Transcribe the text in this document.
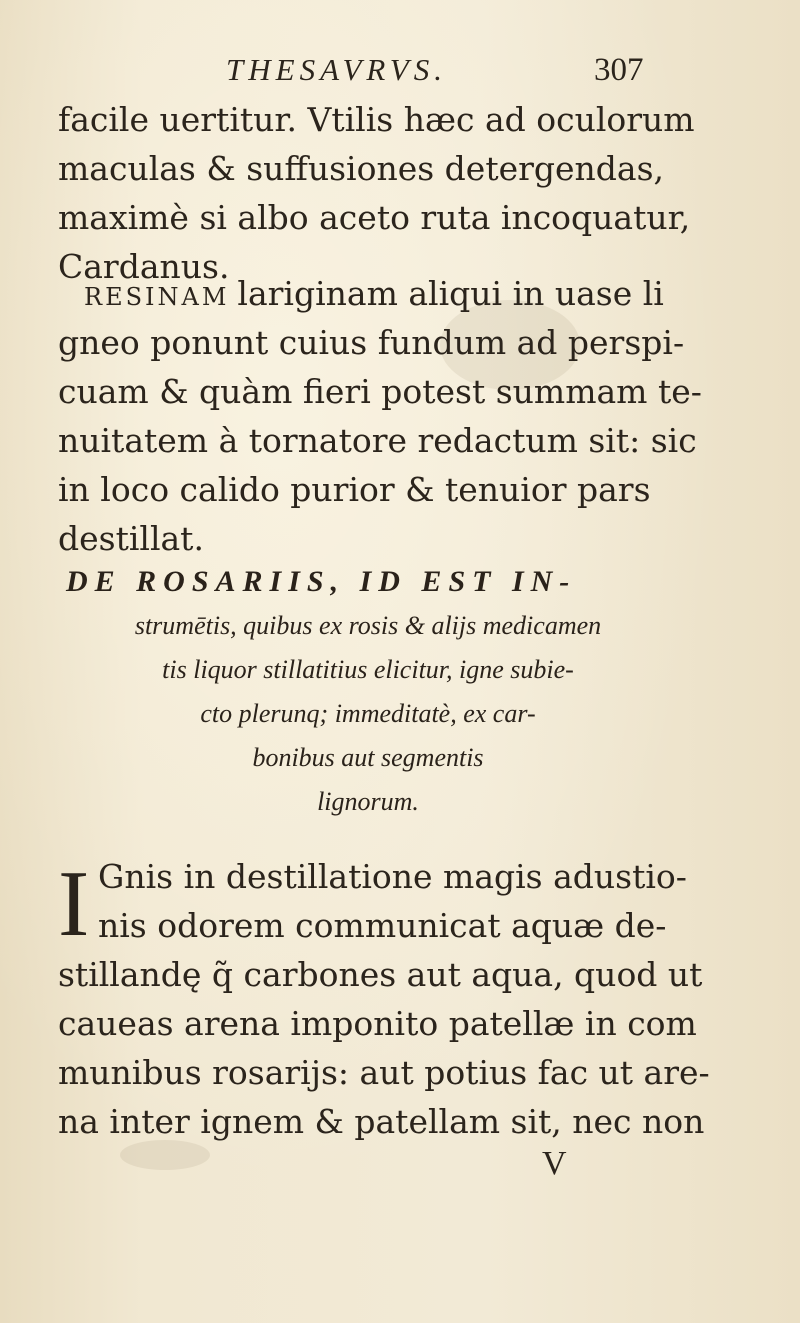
THESAVRVS.	307
facile uertitur. Vtilis hæc ad oculorum
maculas & suffusiones detergendas,
maximè si albo aceto ruta incoquatur,
Cardanus.
RESINAM lariginam aliqui in uase li
gneo ponunt cuius fundum ad perspi-
cuam & quàm fieri potest summam te-
nuitatem à tornatore redactum sit: sic
in loco calido purior & tenuior pars
destillat.
DE ROSARIIS, ID EST IN-
strumētis, quibus ex rosis & alijs medicamen
tis liquor stillatitius elicitur, igne subie-
cto plerunq; immeditatè, ex car-
bonibus aut segmentis
lignorum.
I Gnis in destillatione magis adustio-
nis odorem communicat aquæ de-
stillandę q̃ carbones aut aqua, quod ut
caueas arena imponito patellæ in com
munibus rosarijs: aut potius fac ut are-
na inter ignem & patellam sit, nec non
V
